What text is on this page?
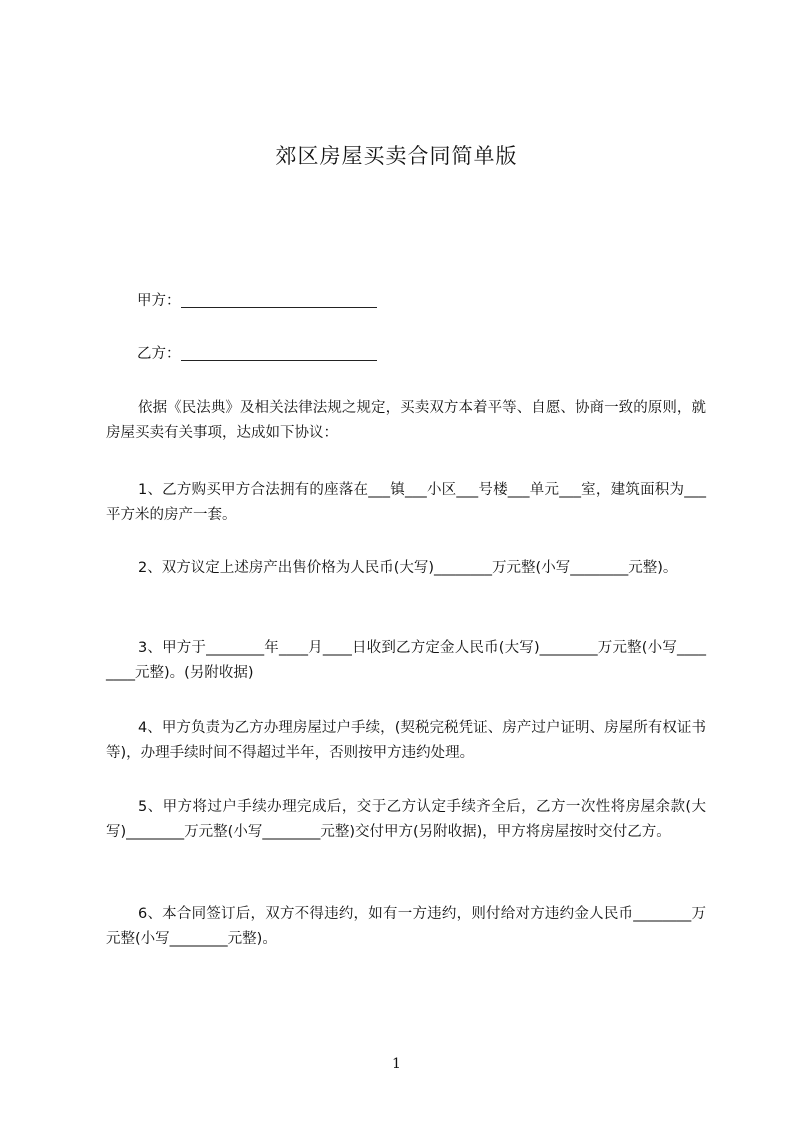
郊区房屋买卖合同简单版
甲方：
乙方：

依据《民法典》及相关法律法规之规定，买卖双方本着平等、自愿、协商一致的原则，就房屋买卖有关事项，达成如下协议：

1、乙方购买甲方合法拥有的座落在___镇___小区___号楼___单元___室，建筑面积为___平方米的房产一套。

2、双方议定上述房产出售价格为人民币(大写)________万元整(小写________元整)。

3、甲方于________年____月____日收到乙方定金人民币(大写)________万元整(小写________元整)。(另附收据)

4、甲方负责为乙方办理房屋过户手续，(契税完税凭证、房产过户证明、房屋所有权证书等)，办理手续时间不得超过半年，否则按甲方违约处理。

5、甲方将过户手续办理完成后，交于乙方认定手续齐全后，乙方一次性将房屋余款(大写)________万元整(小写________元整)交付甲方(另附收据)，甲方将房屋按时交付乙方。

6、本合同签订后，双方不得违约，如有一方违约，则付给对方违约金人民币________万元整(小写________元整)。

1
